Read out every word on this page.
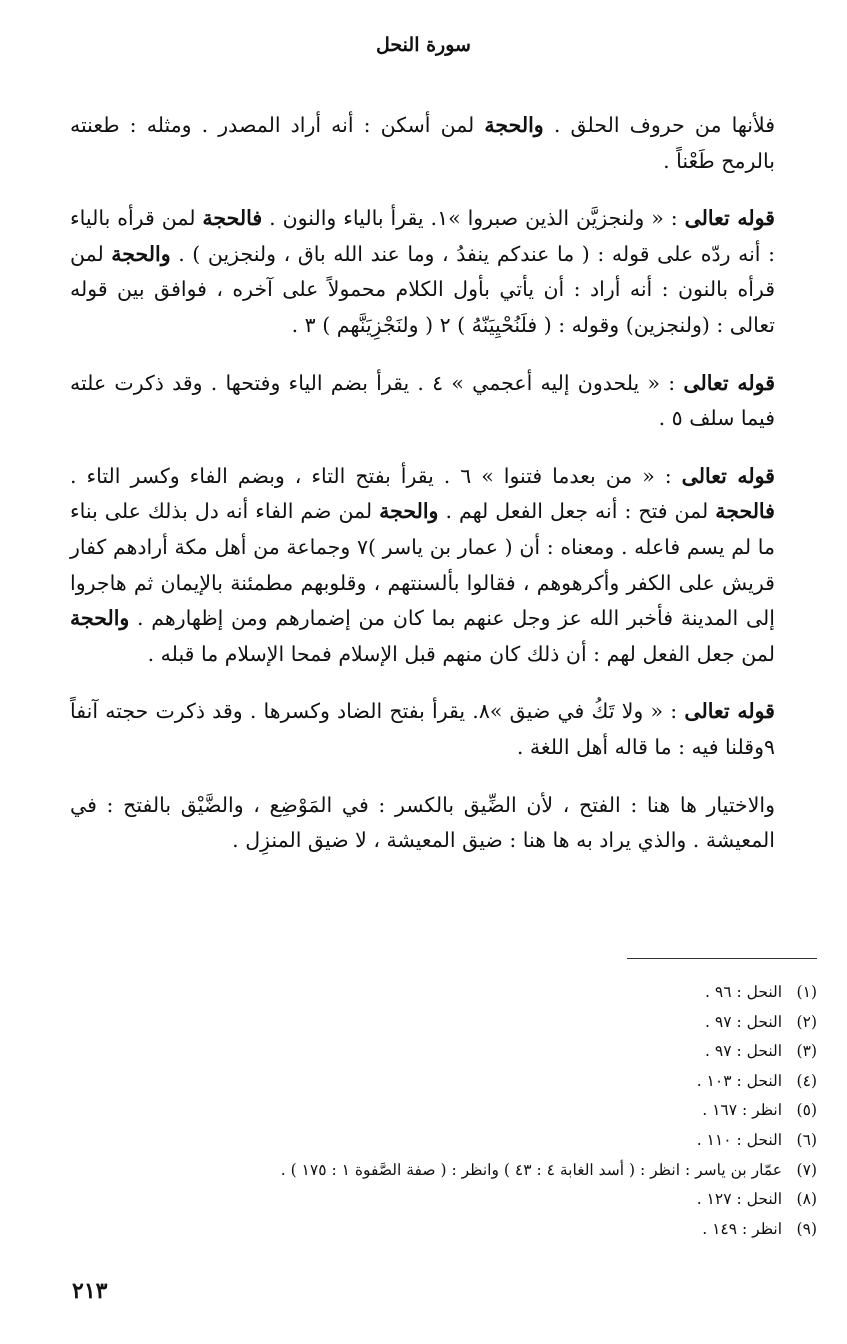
سورة النحل

فلأنها من حروف الحلق . والحجة لمن أسكن : أنه أراد المصدر . ومثله : طعنته بالرمح طَعْناً .

قوله تعالى : « ولنجزيَّن الذين صبروا »١. يقرأ بالياء والنون . فالحجة لمن قرأه بالياء : أنه ردّه على قوله : ( ما عندكم ينفدُ ، وما عند الله باق ، ولنجزين ) . والحجة لمن قرأه بالنون : أنه أراد : أن يأتي بأول الكلام محمولاً على آخره ، فوافق بين قوله تعالى : (ولنجزين) وقوله : ( فلَنُحْيِيَنّهُ ) ٢ ( ولنَجْزِيَنَّهم ) ٣ .

قوله تعالى : « يلحدون إليه أعجمي » ٤ . يقرأ بضم الياء وفتحها . وقد ذكرت علته فيما سلف ٥ .

قوله تعالى : « من بعدما فتنوا » ٦ . يقرأ بفتح التاء ، وبضم الفاء وكسر التاء . فالحجة لمن فتح : أنه جعل الفعل لهم . والحجة لمن ضم الفاء أنه دل بذلك على بناء ما لم يسم فاعله . ومعناه : أن ( عمار بن ياسر )٧ وجماعة من أهل مكة أرادهم كفار قريش على الكفر وأكرهوهم ، فقالوا بألسنتهم ، وقلوبهم مطمئنة بالإيمان ثم هاجروا إلى المدينة فأخبر الله عز وجل عنهم بما كان من إضمارهم ومن إظهارهم . والحجة لمن جعل الفعل لهم : أن ذلك كان منهم قبل الإسلام فمحا الإسلام ما قبله .

قوله تعالى : « ولا تَكُ في ضيق »٨. يقرأ بفتح الضاد وكسرها . وقد ذكرت حجته آنفاً ٩وقلنا فيه : ما قاله أهل اللغة .

والاختيار ها هنا : الفتح ، لأن الضِّيق بالكسر : في المَوْضِع ، والضَّيْق بالفتح : في المعيشة . والذي يراد به ها هنا : ضيق المعيشة ، لا ضيق المنزِل .

(١) النحل : ٩٦ .
(٢) النحل : ٩٧ .
(٣) النحل : ٩٧ .
(٤) النحل : ١٠٣ .
(٥) انظر : ١٦٧ .
(٦) النحل : ١١٠ .
(٧) عمّار بن ياسر : انظر : ( أسد الغابة ٤ : ٤٣ ) وانظر : ( صفة الصَّفوة ١ : ١٧٥ ) .
(٨) النحل : ١٢٧ .
(٩) انظر : ١٤٩ .
٢١٣
